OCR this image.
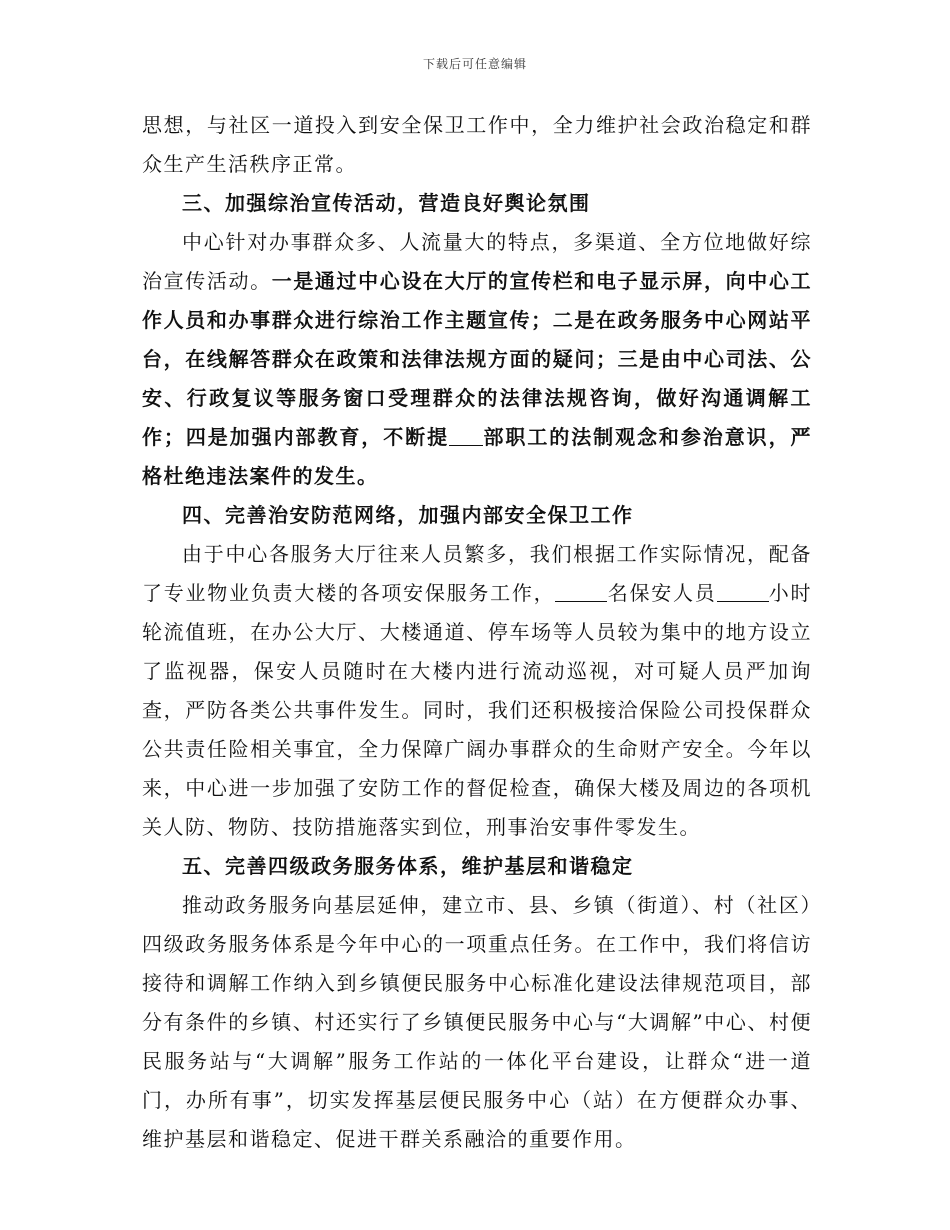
下载后可任意编辑

思想，与社区一道投入到安全保卫工作中，全力维护社会政治稳定和群众生产生活秩序正常。

三、加强综治宣传活动，营造良好舆论氛围

中心针对办事群众多、人流量大的特点，多渠道、全方位地做好综治宣传活动。一是通过中心设在大厅的宣传栏和电子显示屏，向中心工作人员和办事群众进行综治工作主题宣传；二是在政务服务中心网站平台，在线解答群众在政策和法律法规方面的疑问；三是由中心司法、公安、行政复议等服务窗口受理群众的法律法规咨询，做好沟通调解工作；四是加强内部教育，不断提 部职工的法制观念和参治意识，严格杜绝违法案件的发生。

四、完善治安防范网络，加强内部安全保卫工作

由于中心各服务大厅往来人员繁多，我们根据工作实际情况，配备了专业物业负责大楼的各项安保服务工作，	名保安人员	小时轮流值班，在办公大厅、大楼通道、停车场等人员较为集中的地方设立了监视器，保安人员随时在大楼内进行流动巡视，对可疑人员严加询查，严防各类公共事件发生。同时，我们还积极接洽保险公司投保群众公共责任险相关事宜，全力保障广阔办事群众的生命财产安全。今年以来，中心进一步加强了安防工作的督促检查，确保大楼及周边的各项机关人防、物防、技防措施落实到位，刑事治安事件零发生。

五、完善四级政务服务体系，维护基层和谐稳定

推动政务服务向基层延伸，建立市、县、乡镇（街道）、村（社区）四级政务服务体系是今年中心的一项重点任务。在工作中，我们将信访接待和调解工作纳入到乡镇便民服务中心标准化建设法律规范项目，部分有条件的乡镇、村还实行了乡镇便民服务中心与“大调解”中心、村便民服务站与“大调解”服务工作站的一体化平台建设，让群众“进一道门，办所有事”，切实发挥基层便民服务中心（站）在方便群众办事、维护基层和谐稳定、促进干群关系融洽的重要作用。
